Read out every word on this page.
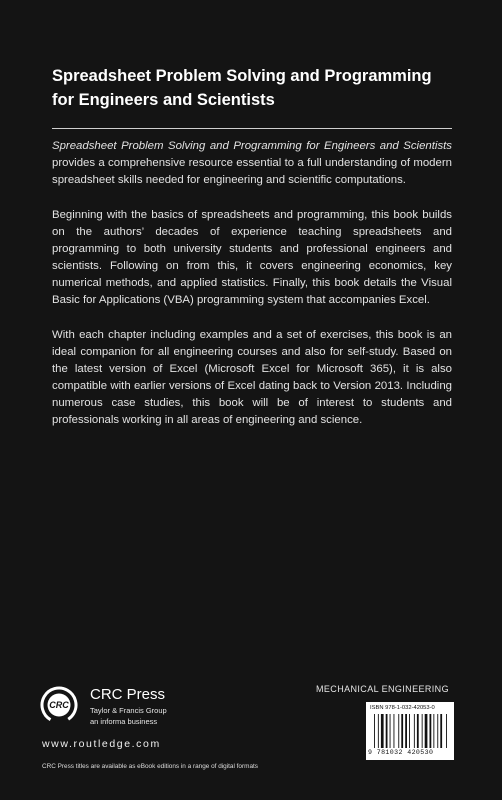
Spreadsheet Problem Solving and Programming for Engineers and Scientists

Spreadsheet Problem Solving and Programming for Engineers and Scientists provides a comprehensive resource essential to a full understanding of modern spreadsheet skills needed for engineering and scientific computations.

Beginning with the basics of spreadsheets and programming, this book builds on the authors’ decades of experience teaching spreadsheets and programming to both university students and professional engineers and scientists. Following on from this, it covers engineering economics, key numerical methods, and applied statistics. Finally, this book details the Visual Basic for Applications (VBA) programming system that accompanies Excel.

With each chapter including examples and a set of exercises, this book is an ideal companion for all engineering courses and also for self-study. Based on the latest version of Excel (Microsoft Excel for Microsoft 365), it is also compatible with earlier versions of Excel dating back to Version 2013. Including numerous case studies, this book will be of interest to students and professionals working in all areas of engineering and science.

CRC
CRC Press
Taylor & Francis Group
an informa business
www.routledge.com
CRC Press titles are available as eBook editions in a range of digital formats
MECHANICAL ENGINEERING
ISBN 978-1-032-42053-0
9 781032 420530
